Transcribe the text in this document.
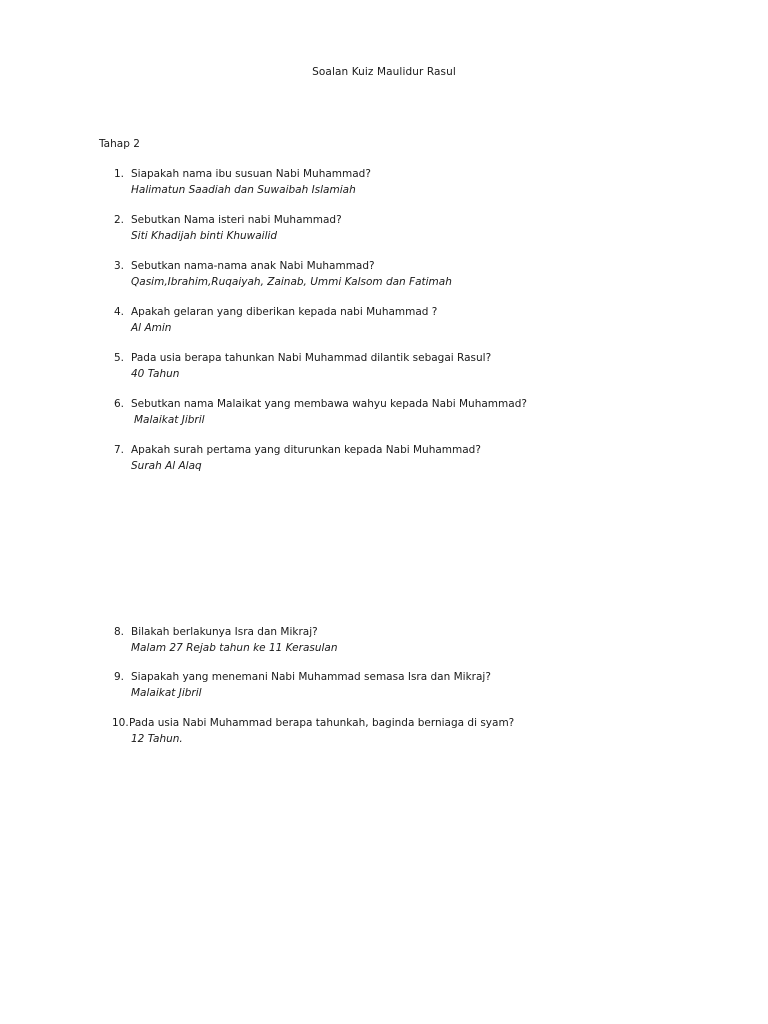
Soalan Kuiz Maulidur Rasul
Tahap 2
1. Siapakah nama ibu susuan Nabi Muhammad?
Halimatun Saadiah dan Suwaibah Islamiah
2. Sebutkan Nama isteri nabi Muhammad?
Siti Khadijah binti Khuwailid
3. Sebutkan nama-nama anak Nabi Muhammad?
Qasim,Ibrahim,Ruqaiyah, Zainab, Ummi Kalsom dan Fatimah
4. Apakah gelaran yang diberikan kepada nabi Muhammad ?
Al Amin
5. Pada usia berapa tahunkan Nabi Muhammad dilantik sebagai Rasul?
40 Tahun
6. Sebutkan nama Malaikat yang membawa wahyu kepada Nabi Muhammad?
Malaikat Jibril
7. Apakah surah pertama yang diturunkan kepada Nabi Muhammad?
Surah Al Alaq
8. Bilakah berlakunya Isra dan Mikraj?
Malam 27 Rejab tahun ke 11 Kerasulan
9. Siapakah yang menemani Nabi Muhammad semasa Isra dan Mikraj?
Malaikat Jibril
10. Pada usia Nabi Muhammad berapa tahunkah, baginda berniaga di syam?
12 Tahun.
